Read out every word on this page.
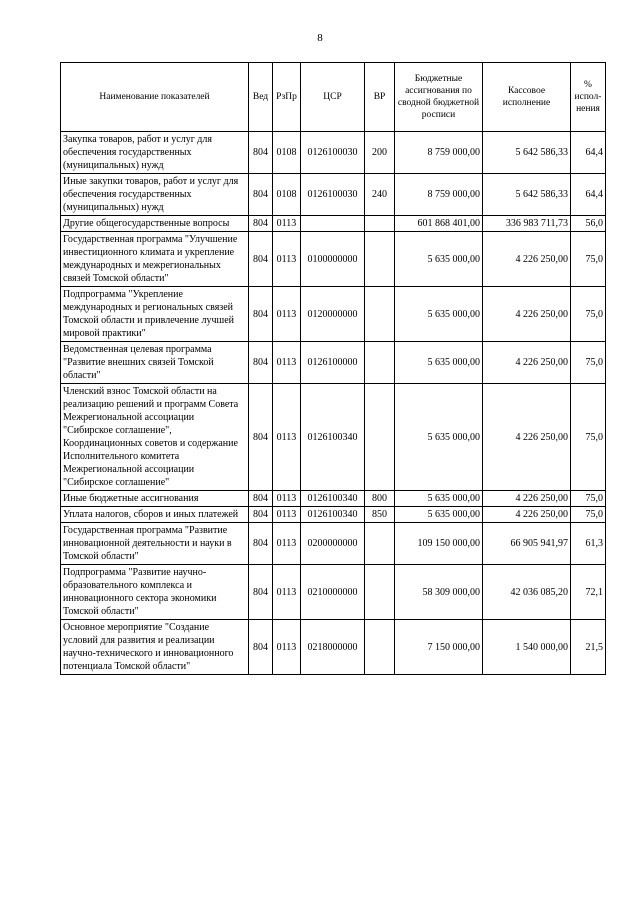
8
Наименование показателей	Вед	РзПр	ЦСР	ВР	Бюджетные ассигнования по сводной бюджетной росписи	Кассовое исполнение	% испол-нения
Закупка товаров, работ и услуг для обеспечения государственных (муниципальных) нужд	804	0108	0126100030	200	8 759 000,00	5 642 586,33	64,4
Иные закупки товаров, работ и услуг для обеспечения государственных (муниципальных) нужд	804	0108	0126100030	240	8 759 000,00	5 642 586,33	64,4
Другие общегосударственные вопросы	804	0113			601 868 401,00	336 983 711,73	56,0
Государственная программа "Улучшение инвестиционного климата и укрепление международных и межрегиональных связей Томской области"	804	0113	0100000000		5 635 000,00	4 226 250,00	75,0
Подпрограмма "Укрепление международных и региональных связей Томской области и привлечение лучшей мировой практики"	804	0113	0120000000		5 635 000,00	4 226 250,00	75,0
Ведомственная целевая программа "Развитие внешних связей Томской области"	804	0113	0126100000		5 635 000,00	4 226 250,00	75,0
Членский взнос Томской области на реализацию решений и программ Совета Межрегиональной ассоциации "Сибирское соглашение", Координационных советов и содержание Исполнительного комитета Межрегиональной ассоциации "Сибирское соглашение"	804	0113	0126100340		5 635 000,00	4 226 250,00	75,0
Иные бюджетные ассигнования	804	0113	0126100340	800	5 635 000,00	4 226 250,00	75,0
Уплата налогов, сборов и иных платежей	804	0113	0126100340	850	5 635 000,00	4 226 250,00	75,0
Государственная программа "Развитие инновационной деятельности и науки в Томской области"	804	0113	0200000000		109 150 000,00	66 905 941,97	61,3
Подпрограмма "Развитие научно-образовательного комплекса и инновационного сектора экономики Томской области"	804	0113	0210000000		58 309 000,00	42 036 085,20	72,1
Основное мероприятие "Создание условий для развития и реализации научно-технического и инновационного потенциала Томской области"	804	0113	0218000000		7 150 000,00	1 540 000,00	21,5
